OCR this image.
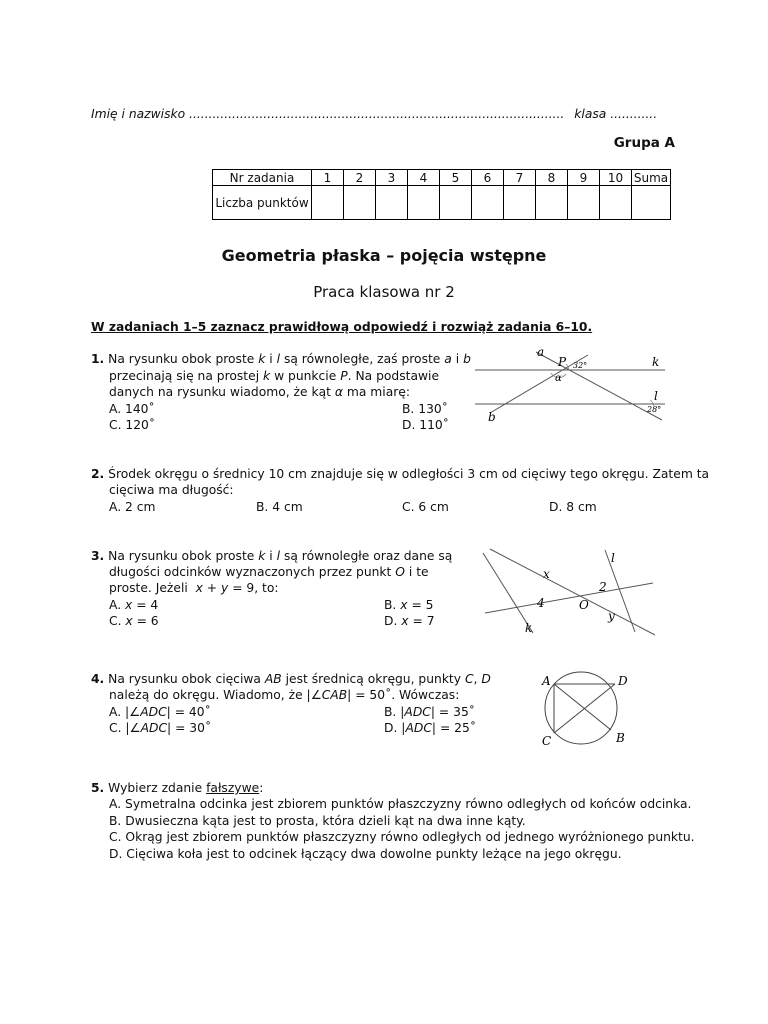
Imię i nazwisko ................................................................................................ klasa ............
Grupa A
Nr zadania	1	2	3	4	5	6	7	8	9	10	Suma
Liczba punktów											
Geometria płaska – pojęcia wstępne
Praca klasowa nr 2
W zadaniach 1–5 zaznacz prawidłową odpowiedź i rozwiąż zadania 6–10.
1. Na rysunku obok proste k i l są równoległe, zaś proste a i b
przecinają się na prostej k w punkcie P. Na podstawie
danych na rysunku wiadomo, że kąt α ma miarę:
A. 140˚	B. 130˚
C. 120˚	D. 110˚
a
P 32°	k
α
l
28°
b
2. Środek okręgu o średnicy 10 cm znajduje się w odległości 3 cm od cięciwy tego okręgu. Zatem ta
cięciwa ma długość:
A. 2 cm	B. 4 cm	C. 6 cm	D. 8 cm
3. Na rysunku obok proste k i l są równoległe oraz dane są
długości odcinków wyznaczonych przez punkt O i te
proste. Jeżeli  x + y = 9, to:
A. x = 4	B. x = 5
C. x = 6	D. x = 7
l
x
2
4	O
y
k
4. Na rysunku obok cięciwa AB jest średnicą okręgu, punkty C, D
należą do okręgu. Wiadomo, że |∠CAB| = 50˚. Wówczas:
A. |∠ADC| = 40˚	B. |ADC| = 35˚
C. |∠ADC| = 30˚	D. |ADC| = 25˚
A	D
C	B
5. Wybierz zdanie fałszywe:
A. Symetralna odcinka jest zbiorem punktów płaszczyzny równo odległych od końców odcinka.
B. Dwusieczna kąta jest to prosta, która dzieli kąt na dwa inne kąty.
C. Okrąg jest zbiorem punktów płaszczyzny równo odległych od jednego wyróżnionego punktu.
D. Cięciwa koła jest to odcinek łączący dwa dowolne punkty leżące na jego okręgu.
